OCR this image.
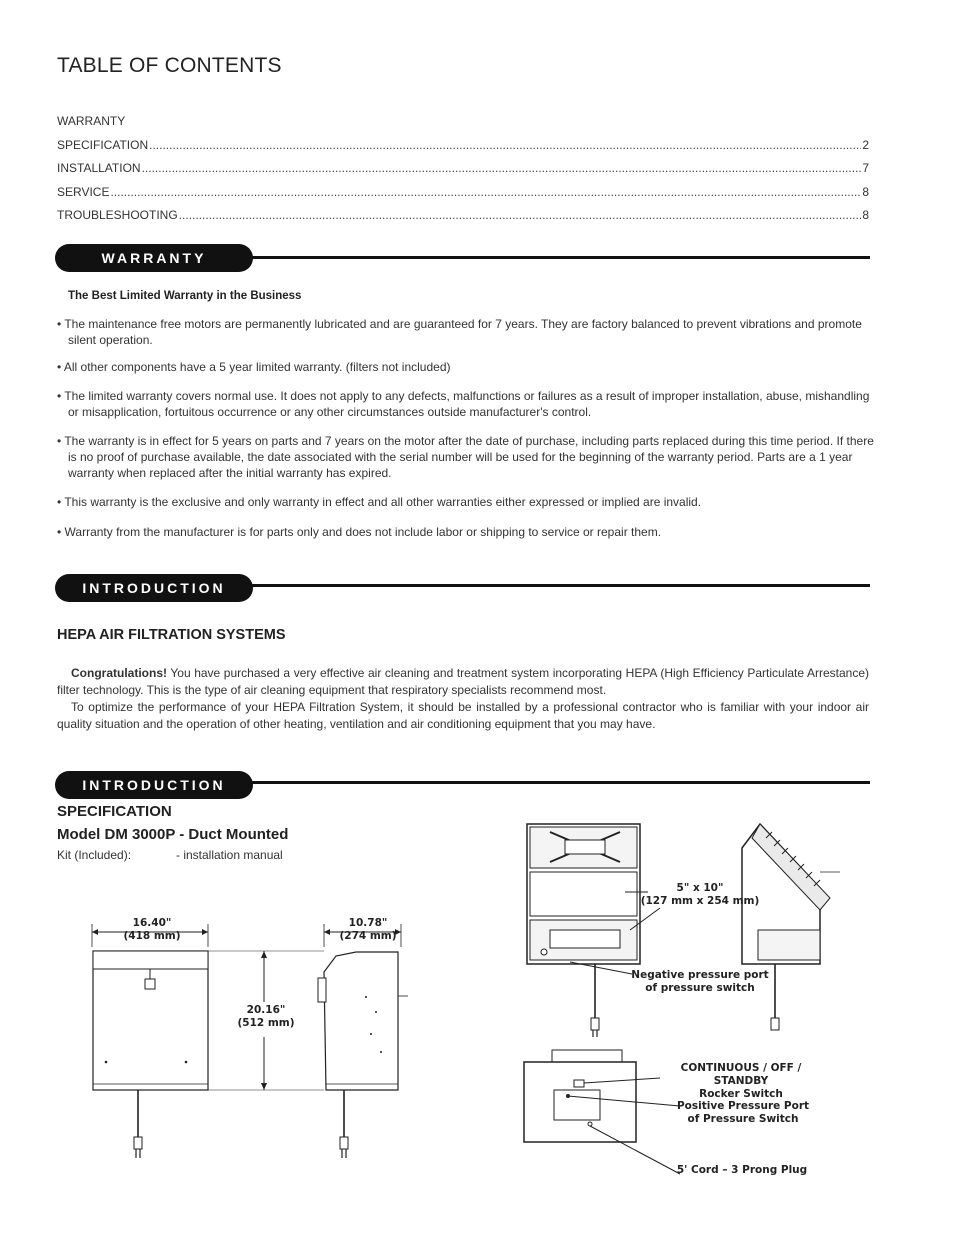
TABLE OF CONTENTS
WARRANTY
SPECIFICATION .....	2
INSTALLATION .....	7
SERVICE .....	8
TROUBLESHOOTING .....	8
WARRANTY
The Best Limited Warranty in the Business
• The maintenance free motors are permanently lubricated and are guaranteed for 7 years. They are factory balanced to prevent vibrations and promote silent operation.
• All other components have a 5 year limited warranty. (filters not included)
• The limited warranty covers normal use. It does not apply to any defects, malfunctions or failures as a result of improper installation, abuse, mishandling or misapplication, fortuitous occurrence or any other circumstances outside manufacturer's control.
• The warranty is in effect for 5 years on parts and 7 years on the motor after the date of purchase, including parts replaced during this time period. If there is no proof of purchase available, the date associated with the serial number will be used for the beginning of the warranty period. Parts are a 1 year warranty when replaced after the initial warranty has expired.
• This warranty is the exclusive and only warranty in effect and all other warranties either expressed or implied are invalid.
• Warranty from the manufacturer is for parts only and does not include labor or shipping to service or repair them.
INTRODUCTION
HEPA AIR FILTRATION SYSTEMS
Congratulations! You have purchased a very effective air cleaning and treatment system incorporating HEPA (High Efficiency Particulate Arrestance) filter technology. This is the type of air cleaning equipment that respiratory specialists recommend most.
To optimize the performance of your HEPA Filtration System, it should be installed by a professional contractor who is familiar with your indoor air quality situation and the operation of other heating, ventilation and air conditioning equipment that you may have.
INTRODUCTION
SPECIFICATION
Model DM 3000P - Duct Mounted
Kit (Included):	- installation manual
16.40"
(418 mm)
10.78"
(274 mm)
20.16"
(512 mm)
5" x 10"
(127 mm x 254 mm)
Negative pressure port
of pressure switch
CONTINUOUS / OFF / STANDBY
Rocker Switch
Positive Pressure Port
of Pressure Switch
5' Cord – 3 Prong Plug
